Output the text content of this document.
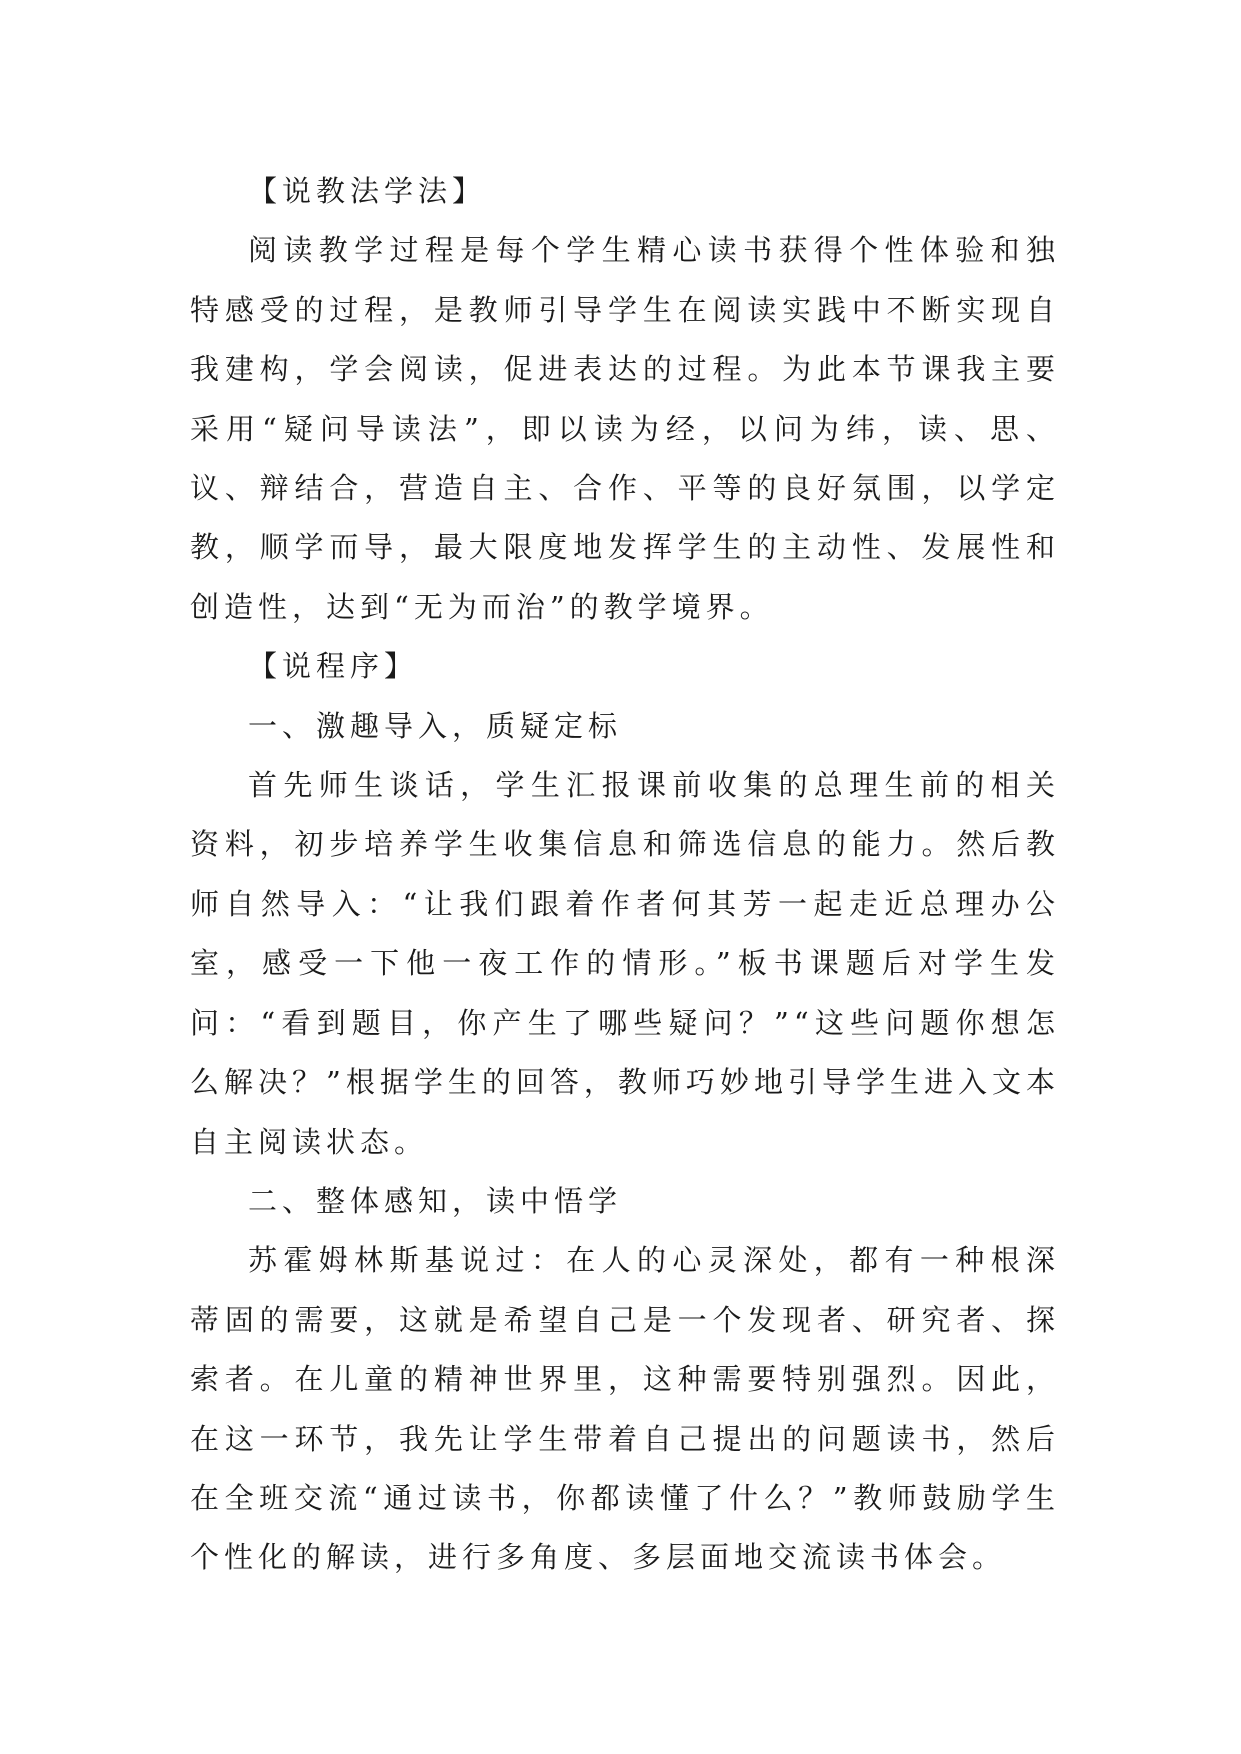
【说教法学法】

阅读教学过程是每个学生精心读书获得个性体验和独特感受的过程，是教师引导学生在阅读实践中不断实现自我建构，学会阅读，促进表达的过程。为此本节课我主要采用“疑问导读法”，即以读为经，以问为纬，读、思、议、辩结合，营造自主、合作、平等的良好氛围，以学定教，顺学而导，最大限度地发挥学生的主动性、发展性和创造性，达到“无为而治”的教学境界。

【说程序】

一、激趣导入，质疑定标

首先师生谈话，学生汇报课前收集的总理生前的相关资料，初步培养学生收集信息和筛选信息的能力。然后教师自然导入：“让我们跟着作者何其芳一起走近总理办公室，感受一下他一夜工作的情形。”板书课题后对学生发问：“看到题目，你产生了哪些疑问？”“这些问题你想怎么解决？”根据学生的回答，教师巧妙地引导学生进入文本自主阅读状态。

二、整体感知，读中悟学

苏霍姆林斯基说过：在人的心灵深处，都有一种根深蒂固的需要，这就是希望自己是一个发现者、研究者、探索者。在儿童的精神世界里，这种需要特别强烈。因此，在这一环节，我先让学生带着自己提出的问题读书，然后在全班交流“通过读书，你都读懂了什么？”教师鼓励学生个性化的解读，进行多角度、多层面地交流读书体会。
